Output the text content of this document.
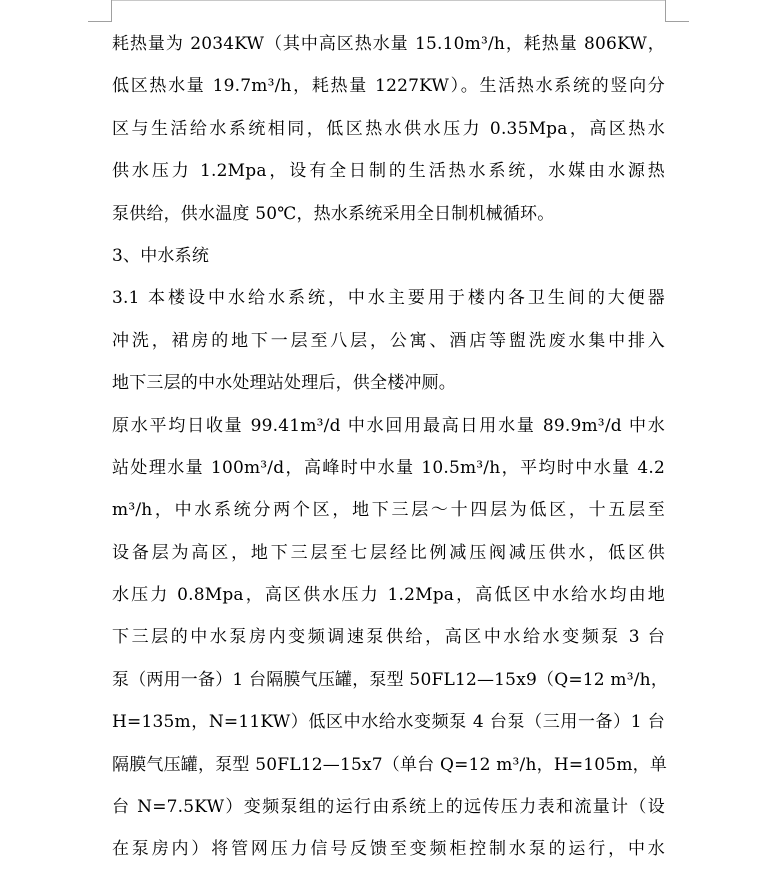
耗热量为 2034KW（其中高区热水量 15.10m³/h，耗热量 806KW，
低区热水量 19.7m³/h，耗热量 1227KW）。生活热水系统的竖向分
区与生活给水系统相同，低区热水供水压力 0.35Mpa，高区热水
供水压力 1.2Mpa，设有全日制的生活热水系统，水媒由水源热
泵供给，供水温度 50℃，热水系统采用全日制机械循环。
3、中水系统
3.1 本楼设中水给水系统，中水主要用于楼内各卫生间的大便器
冲洗，裙房的地下一层至八层，公寓、酒店等盥洗废水集中排入
地下三层的中水处理站处理后，供全楼冲厕。
原水平均日收量 99.41m³/d 中水回用最高日用水量 89.9m³/d 中水
站处理水量 100m³/d，高峰时中水量 10.5m³/h，平均时中水量 4.2
m³/h，中水系统分两个区，地下三层～十四层为低区，十五层至
设备层为高区，地下三层至七层经比例减压阀减压供水，低区供
水压力 0.8Mpa，高区供水压力 1.2Mpa，高低区中水给水均由地
下三层的中水泵房内变频调速泵供给，高区中水给水变频泵 3 台
泵（两用一备）1 台隔膜气压罐，泵型 50FL12—15x9（Q=12 m³/h，
H=135m，N=11KW）低区中水给水变频泵 4 台泵（三用一备）1 台
隔膜气压罐，泵型 50FL12—15x7（单台 Q=12 m³/h，H=105m，单
台 N=7.5KW）变频泵组的运行由系统上的远传压力表和流量计（设
在泵房内）将管网压力信号反馈至变频柜控制水泵的运行，中水
